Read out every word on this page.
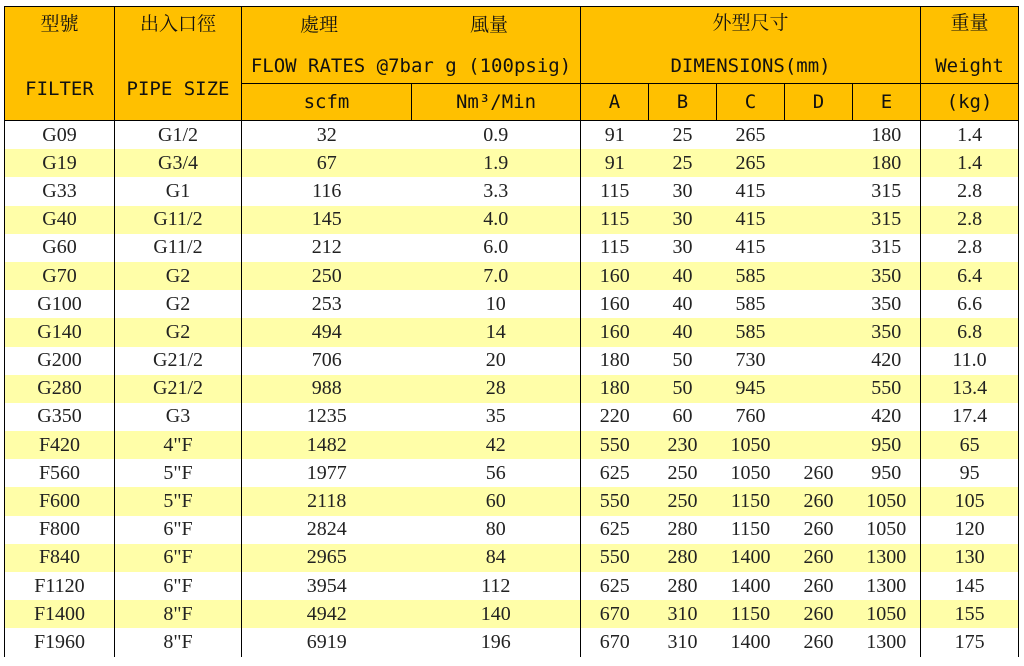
型號
FILTER	出入口徑
PIPE SIZE	處理 風量
FLOW RATES @7bar g (100psig)		外型尺寸
DIMENSIONS(mm)					重量
Weight

		scfm	Nm³/Min	A	B	C	D	E	(kg)
G09	G1/2	32	0.9	91	25	265		180	1.4
G19	G3/4	67	1.9	91	25	265		180	1.4
G33	G1	116	3.3	115	30	415		315	2.8
G40	G11/2	145	4.0	115	30	415		315	2.8
G60	G11/2	212	6.0	115	30	415		315	2.8
G70	G2	250	7.0	160	40	585		350	6.4
G100	G2	253	10	160	40	585		350	6.6
G140	G2	494	14	160	40	585		350	6.8
G200	G21/2	706	20	180	50	730		420	11.0
G280	G21/2	988	28	180	50	945		550	13.4
G350	G3	1235	35	220	60	760		420	17.4
F420	4"F	1482	42	550	230	1050		950	65
F560	5"F	1977	56	625	250	1050	260	950	95
F600	5"F	2118	60	550	250	1150	260	1050	105
F800	6"F	2824	80	625	280	1150	260	1050	120
F840	6"F	2965	84	550	280	1400	260	1300	130
F1120	6"F	3954	112	625	280	1400	260	1300	145
F1400	8"F	4942	140	670	310	1150	260	1050	155
F1960	8"F	6919	196	670	310	1400	260	1300	175
